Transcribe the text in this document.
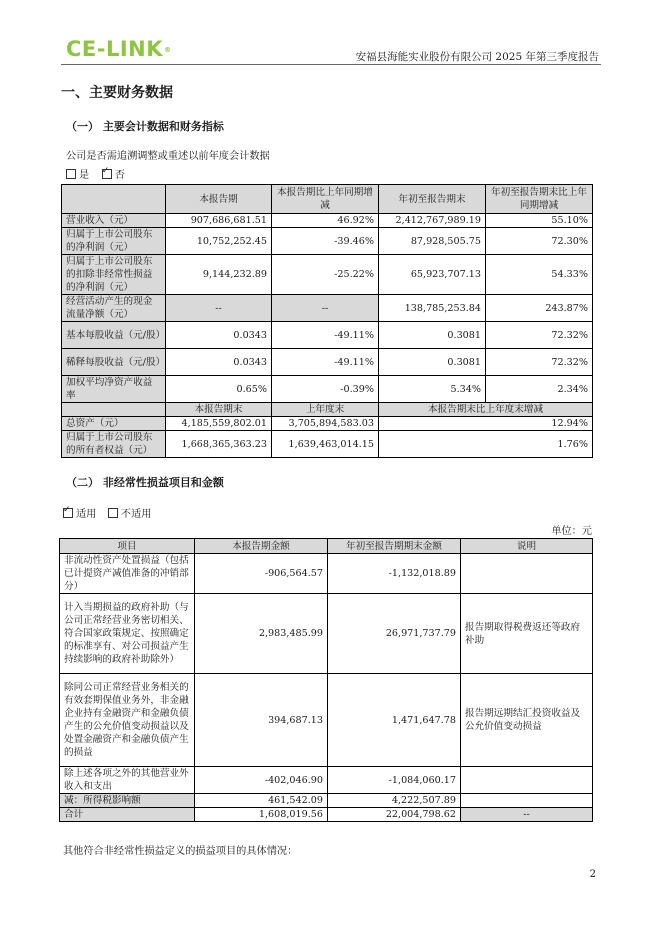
CE-LINK®
安福县海能实业股份有限公司 2025 年第三季度报告
一、主要财务数据
（一） 主要会计数据和财务指标
公司是否需追溯调整或重述以前年度会计数据
是 ✓	否
	本报告期	本报告期比上年同期增减	年初至报告期末	年初至报告期末比上年同期增减
营业收入（元）	907,686,681.51	46.92%	2,412,767,989.19	55.10%
归属于上市公司股东的净利润（元）	10,752,252.45	-39.46%	87,928,505.75	72.30%
归属于上市公司股东的扣除非经常性损益的净利润（元）	9,144,232.89	-25.22%	65,923,707.13	54.33%
经营活动产生的现金流量净额（元）	--	--	138,785,253.84	243.87%
基本每股收益（元/股）	0.0343	-49.11%	0.3081	72.32%
稀释每股收益（元/股）	0.0343	-49.11%	0.3081	72.32%
加权平均净资产收益率	0.65%	-0.39%	5.34%	2.34%
	本报告期末	上年度末	本报告期末比上年度末增减	
总资产（元）	4,185,559,802.01	3,705,894,583.03	12.94%	
归属于上市公司股东的所有者权益（元）	1,668,365,363.23	1,639,463,014.15	1.76%	
（二） 非经常性损益项目和金额
✓适用 不适用
单位：元
项目	本报告期金额	年初至报告期期末金额	说明
非流动性资产处置损益（包括已计提资产减值准备的冲销部分）	-906,564.57	-1,132,018.89	
计入当期损益的政府补助（与公司正常经营业务密切相关、符合国家政策规定、按照确定的标准享有、对公司损益产生持续影响的政府补助除外）	2,983,485.99	26,971,737.79	报告期取得税费返还等政府补助
除同公司正常经营业务相关的有效套期保值业务外，非金融企业持有金融资产和金融负债产生的公允价值变动损益以及处置金融资产和金融负债产生的损益	394,687.13	1,471,647.78	报告期远期结汇投资收益及公允价值变动损益
除上述各项之外的其他营业外收入和支出	-402,046.90	-1,084,060.17	
减：所得税影响额	461,542.09	4,222,507.89	
合计	1,608,019.56	22,004,798.62	--
其他符合非经常性损益定义的损益项目的具体情况：
2
